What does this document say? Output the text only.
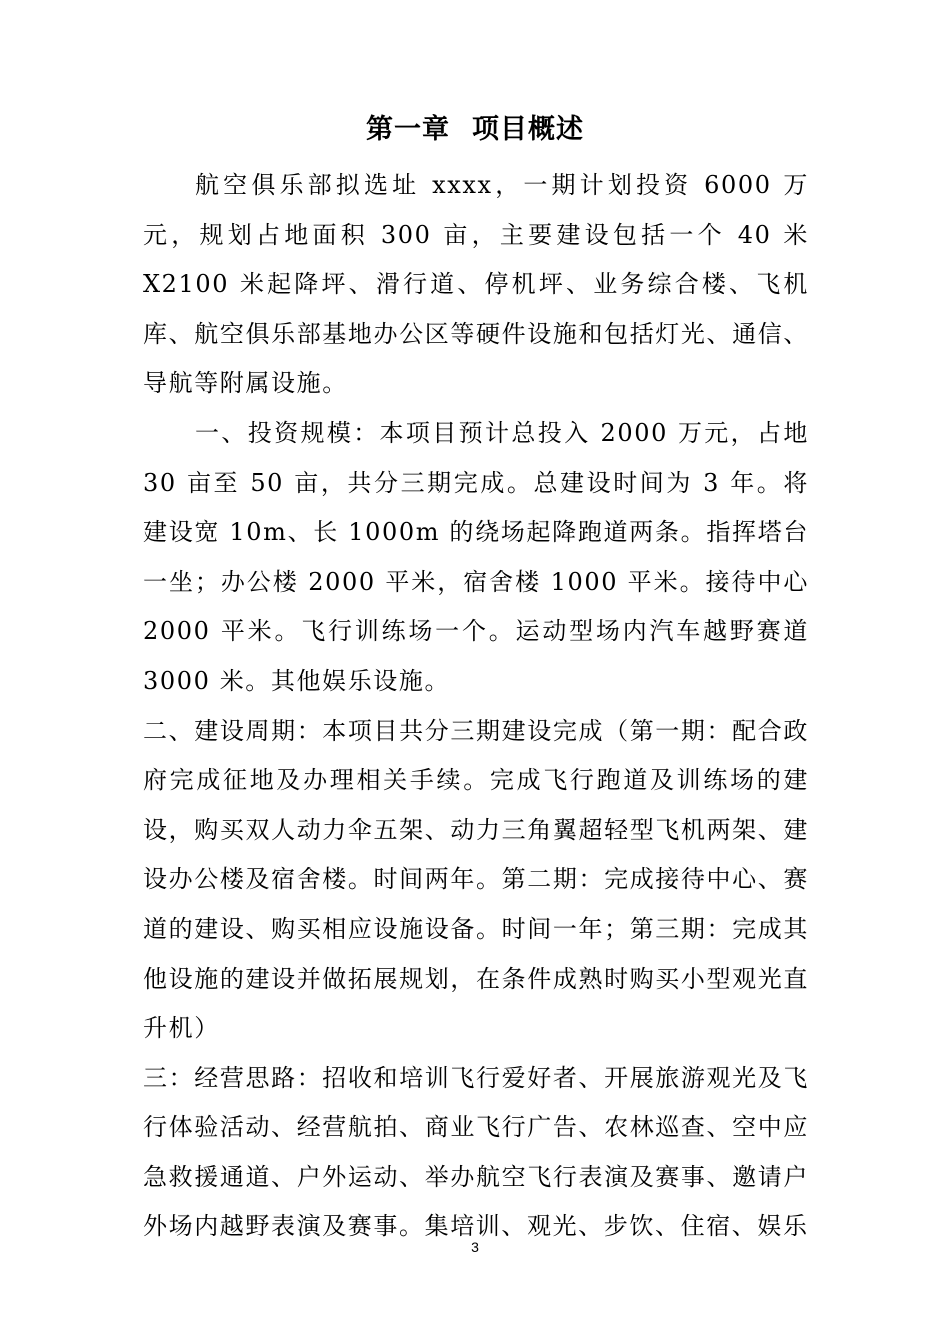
第一章 项目概述

航空俱乐部拟选址 xxxx，一期计划投资 6000 万元，规划占地面积 300 亩，主要建设包括一个 40 米 X2100 米起降坪、滑行道、停机坪、业务综合楼、飞机库、航空俱乐部基地办公区等硬件设施和包括灯光、通信、导航等附属设施。

一、投资规模：本项目预计总投入 2000 万元，占地 30 亩至 50 亩，共分三期完成。总建设时间为 3 年。将建设宽 10m、长 1000m 的绕场起降跑道两条。指挥塔台一坐；办公楼 2000 平米，宿舍楼 1000 平米。接待中心 2000 平米。飞行训练场一个。运动型场内汽车越野赛道 3000 米。其他娱乐设施。

二、建设周期：本项目共分三期建设完成（第一期：配合政府完成征地及办理相关手续。完成飞行跑道及训练场的建设，购买双人动力伞五架、动力三角翼超轻型飞机两架、建设办公楼及宿舍楼。时间两年。第二期：完成接待中心、赛道的建设、购买相应设施设备。时间一年；第三期：完成其他设施的建设并做拓展规划，在条件成熟时购买小型观光直升机）

三：经营思路：招收和培训飞行爱好者、开展旅游观光及飞行体验活动、经营航拍、商业飞行广告、农林巡查、空中应急救援通道、户外运动、举办航空飞行表演及赛事、邀请户外场内越野表演及赛事。集培训、观光、步饮、住宿、娱乐

3
